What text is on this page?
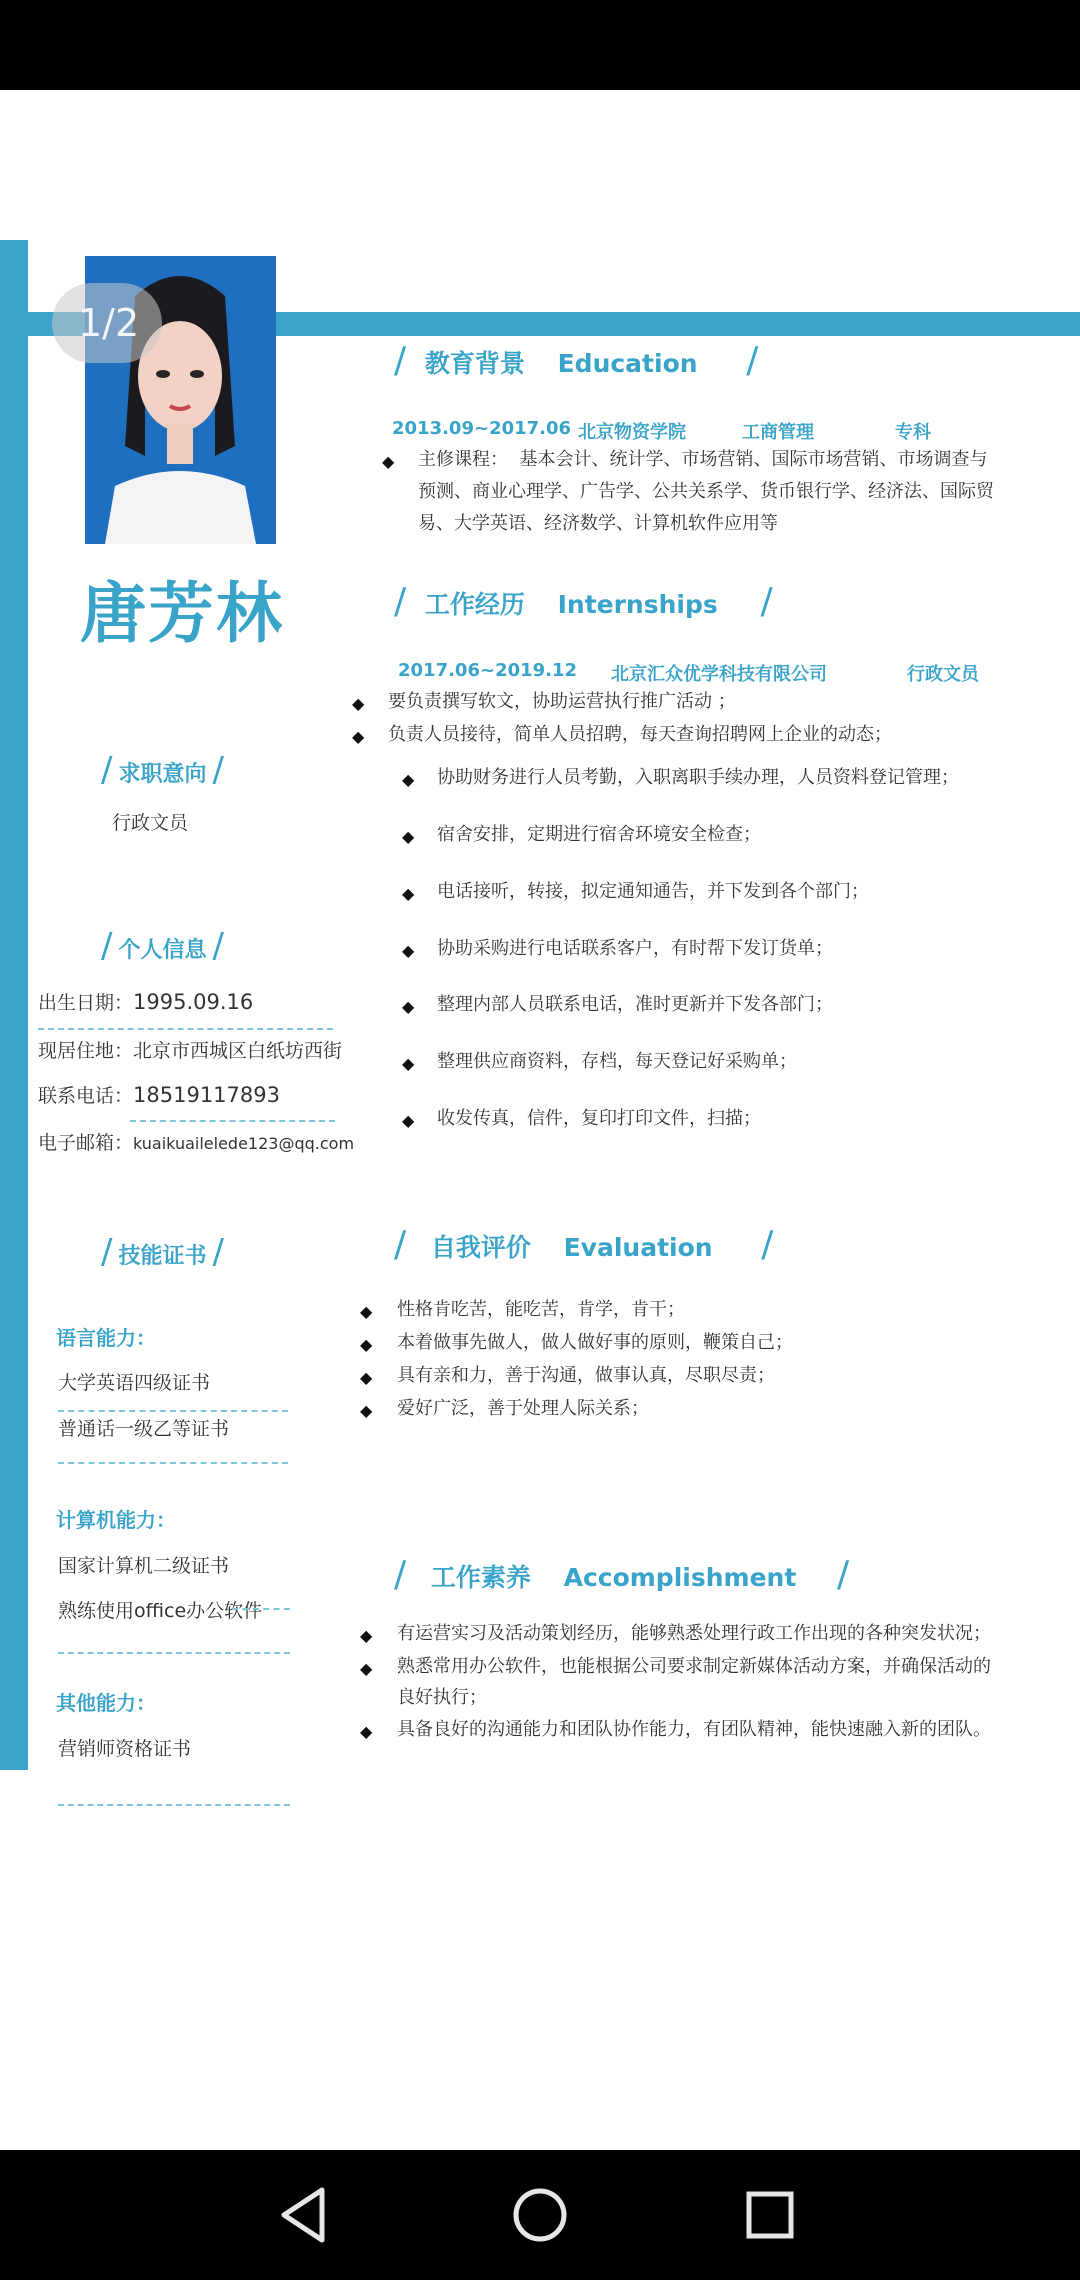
1/2
唐芳林
/ 求职意向 /
行政文员
/ 个人信息 /
出生日期：1995.09.16
现居住地：北京市西城区白纸坊西街
联系电话：18519117893
电子邮箱：kuaikuailelede123@qq.com
/ 技能证书 /
语言能力：
大学英语四级证书
普通话一级乙等证书
计算机能力：
国家计算机二级证书
熟练使用office办公软件
其他能力：
营销师资格证书
/ 教育背景 Education /
2013.09~2017.06 北京物资学院	工商管理	专科
◆ 主修课程： 基本会计、统计学、市场营销、国际市场营销、市场调查与
预测、商业心理学、广告学、公共关系学、货币银行学、经济法、国际贸
易、大学英语、经济数学、计算机软件应用等
/ 工作经历 Internships /
2017.06~2019.12 北京汇众优学科技有限公司	行政文员
◆ 要负责撰写软文，协助运营执行推广活动 ；
◆ 负责人员接待，简单人员招聘，每天查询招聘网上企业的动态；
◆ 协助财务进行人员考勤，入职离职手续办理，人员资料登记管理；
◆ 宿舍安排，定期进行宿舍环境安全检查；
◆ 电话接听，转接，拟定通知通告，并下发到各个部门；
◆ 协助采购进行电话联系客户，有时帮下发订货单；
◆ 整理内部人员联系电话，准时更新并下发各部门；
◆ 整理供应商资料，存档，每天登记好采购单；
◆ 收发传真，信件，复印打印文件，扫描；
/ 自我评价 Evaluation /
◆ 性格肯吃苦，能吃苦，肯学，肯干；
◆ 本着做事先做人，做人做好事的原则，鞭策自己；
◆ 具有亲和力，善于沟通，做事认真，尽职尽责；
◆ 爱好广泛，善于处理人际关系；
/ 工作素养 Accomplishment /
◆ 有运营实习及活动策划经历，能够熟悉处理行政工作出现的各种突发状况；
◆ 熟悉常用办公软件，也能根据公司要求制定新媒体活动方案，并确保活动的
良好执行；
◆ 具备良好的沟通能力和团队协作能力，有团队精神，能快速融入新的团队。
